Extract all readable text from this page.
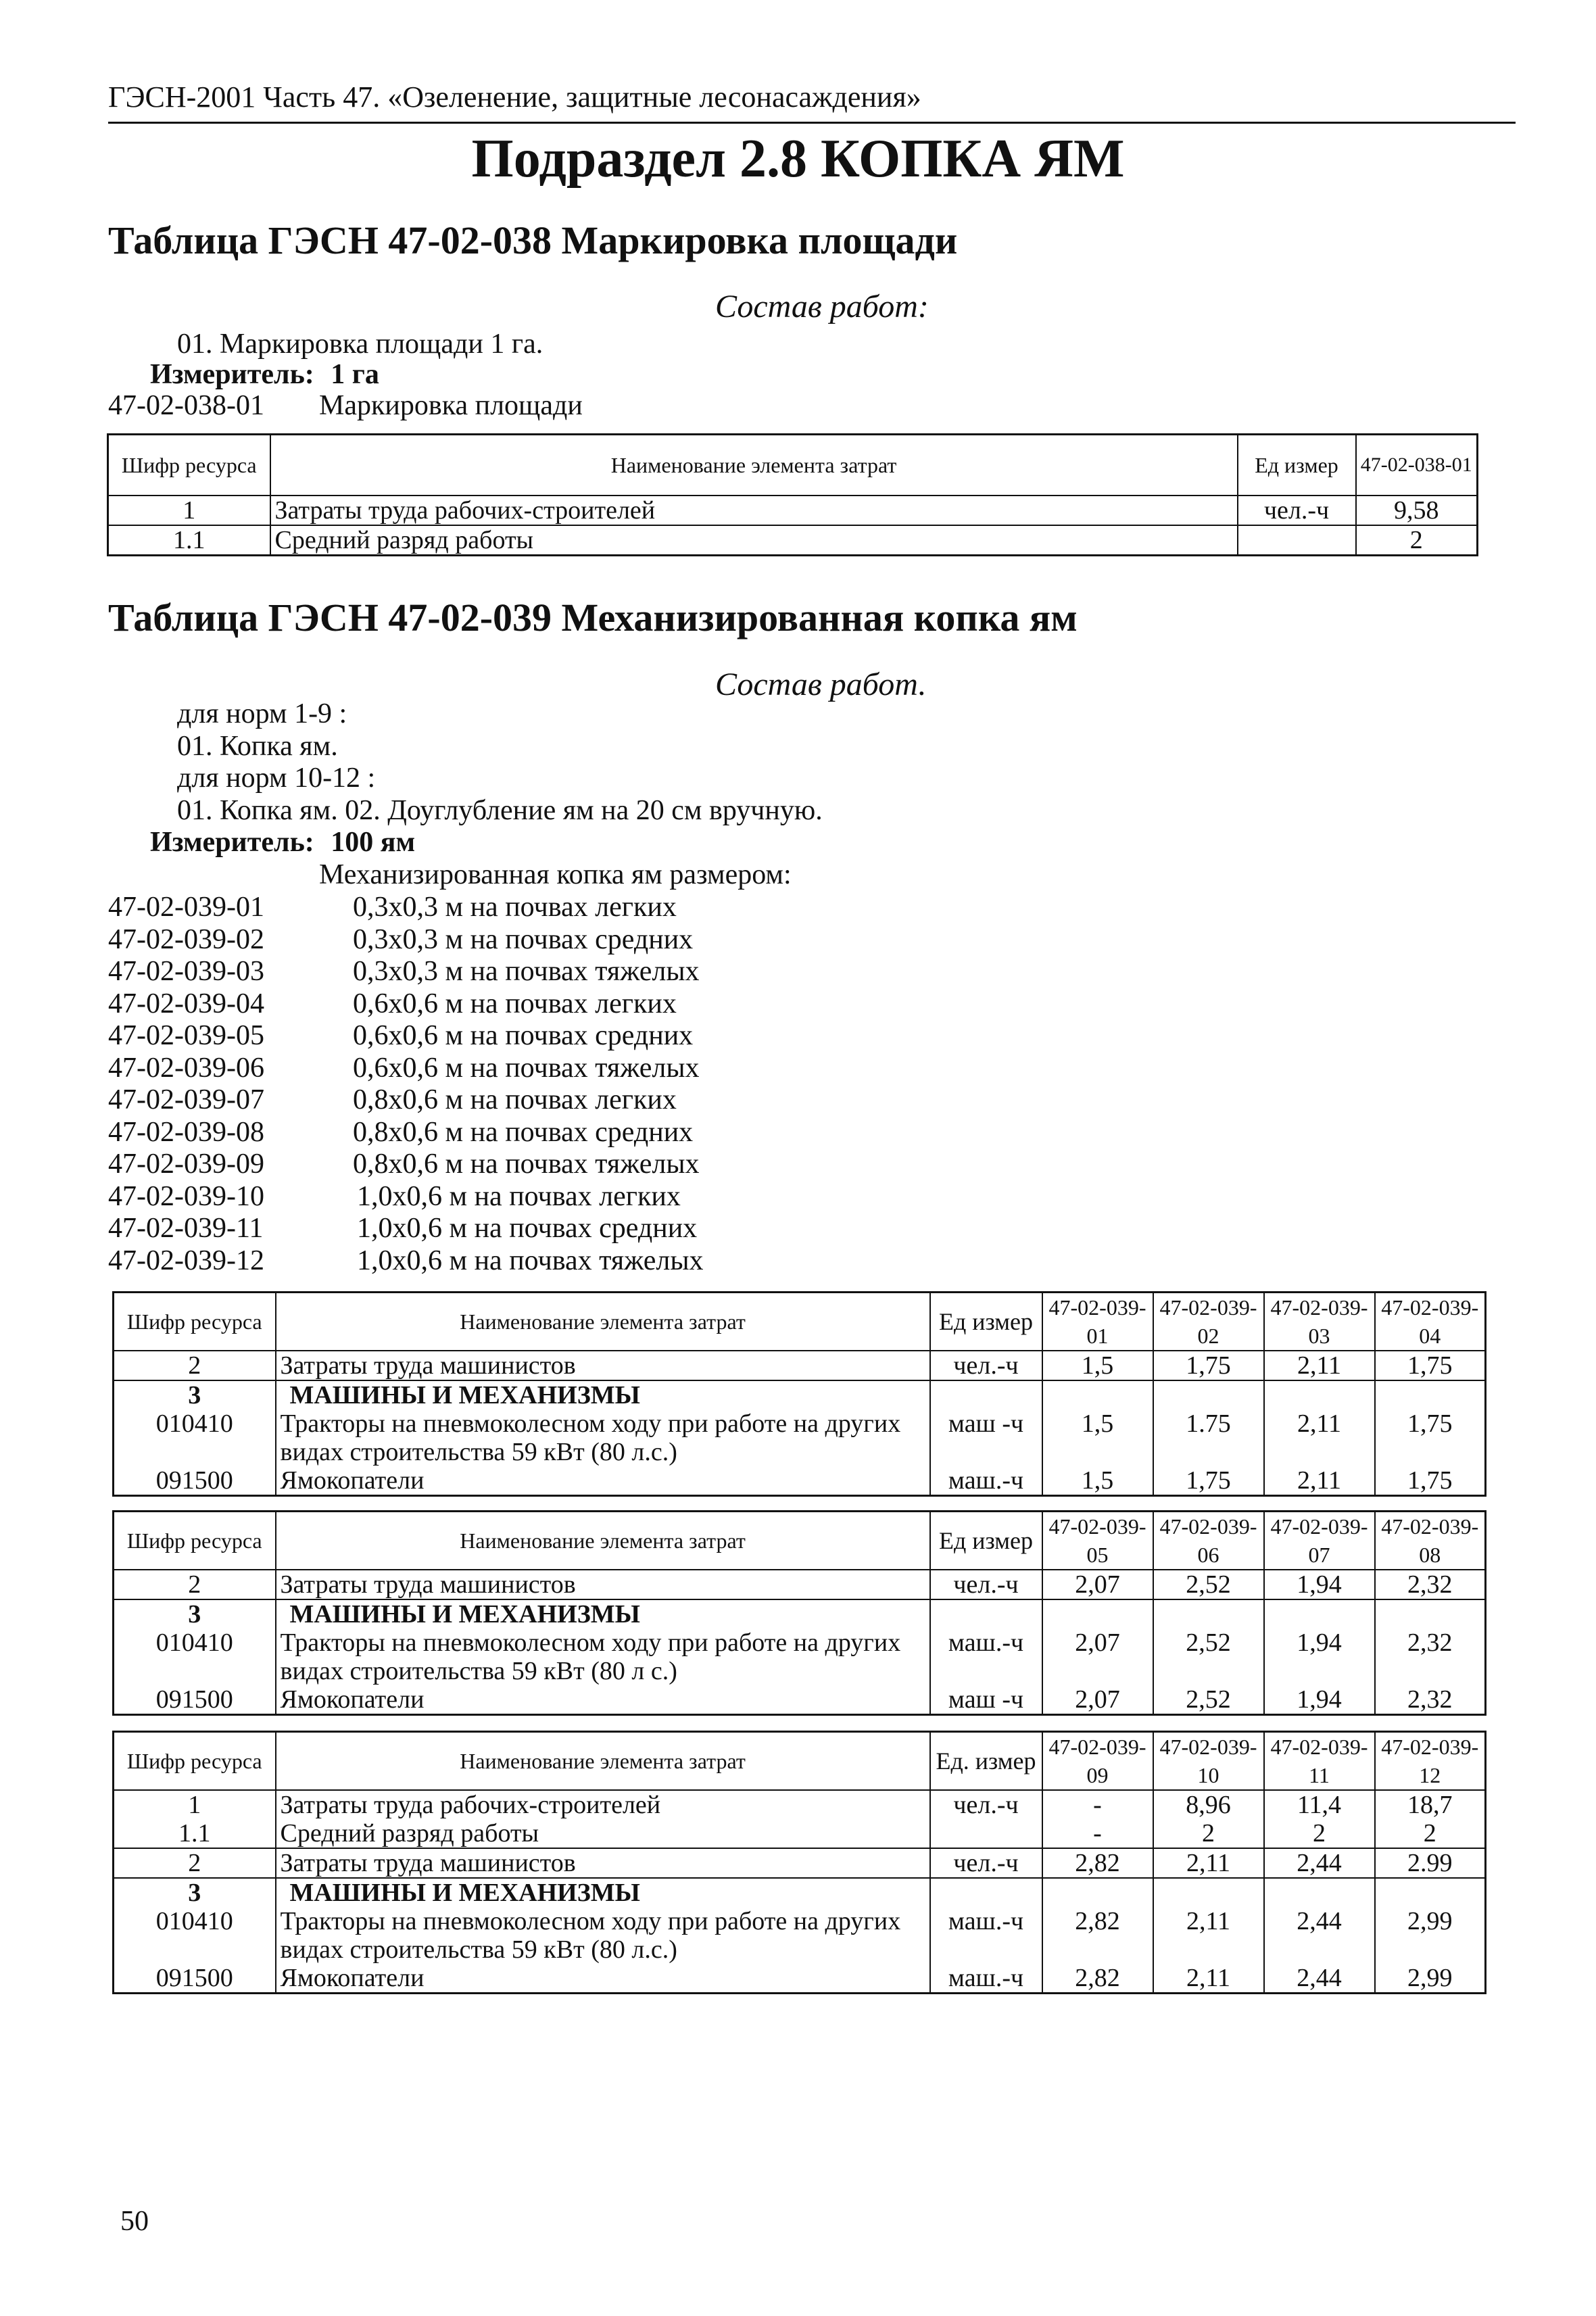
ГЭСН-2001 Часть 47. «Озеленение, защитные лесонасаждения»
Подраздел 2.8 КОПКА ЯМ
Таблица ГЭСН 47-02-038 Маркировка площади
Состав работ:
01. Маркировка площади 1 га.
Измеритель: 1 га
47-02-038-01 Маркировка площади
Шифр ресурса	Наименование элемента затрат	Ед измер	47-02-038-01
1	Затраты труда рабочих-строителей	чел.-ч	9,58
1.1	Средний разряд работы		2
Таблица ГЭСН 47-02-039 Механизированная копка ям
Состав работ.
для норм 1-9 :
01. Копка ям.
для норм 10-12 :
01. Копка ям. 02. Доуглубление ям на 20 см вручную.
Измеритель: 100 ям
Механизированная копка ям размером:
47-02-039-01	0,3х0,3 м на почвах легких
47-02-039-02	0,3х0,3 м на почвах средних
47-02-039-03	0,3х0,3 м на почвах тяжелых
47-02-039-04	0,6х0,6 м на почвах легких
47-02-039-05	0,6х0,6 м на почвах средних
47-02-039-06	0,6х0,6 м на почвах тяжелых
47-02-039-07	0,8х0,6 м на почвах легких
47-02-039-08	0,8х0,6 м на почвах средних
47-02-039-09	0,8х0,6 м на почвах тяжелых
47-02-039-10	1,0х0,6 м на почвах легких
47-02-039-11	1,0х0,6 м на почвах средних
47-02-039-12	1,0х0,6 м на почвах тяжелых
Шифр ресурса	Наименование элемента затрат	Ед измер	47-02-039-01	47-02-039-02	47-02-039-03	47-02-039-04
2	Затраты труда машинистов	чел.-ч	1,5	1,75	2,11	1,75
3	МАШИНЫ И МЕХАНИЗМЫ					
010410	Тракторы на пневмоколесном ходу при работе на других
видах строительства 59 кВт (80 л.с.)	маш -ч	1,5	1.75	2,11	1,75
091500	Ямокопатели	маш.-ч	1,5	1,75	2,11	1,75
Шифр ресурса	Наименование элемента затрат	Ед измер	47-02-039-05	47-02-039-06	47-02-039-07	47-02-039-08
2	Затраты труда машинистов	чел.-ч	2,07	2,52	1,94	2,32
3	МАШИНЫ И МЕХАНИЗМЫ					
010410	Тракторы на пневмоколесном ходу при работе на других
видах строительства 59 кВт (80 л с.)	маш.-ч	2,07	2,52	1,94	2,32
091500	Ямокопатели	маш -ч	2,07	2,52	1,94	2,32
Шифр ресурса	Наименование элемента затрат	Ед. измер	47-02-039-09	47-02-039-10	47-02-039-11	47-02-039-12
1	Затраты труда рабочих-строителей	чел.-ч	-	8,96	11,4	18,7
1.1	Средний разряд работы		-	2	2	2
2	Затраты труда машинистов	чел.-ч	2,82	2,11	2,44	2.99
3	МАШИНЫ И МЕХАНИЗМЫ					
010410	Тракторы на пневмоколесном ходу при работе на других
видах строительства 59 кВт (80 л.с.)	маш.-ч	2,82	2,11	2,44	2,99
091500	Ямокопатели	маш.-ч	2,82	2,11	2,44	2,99
50
